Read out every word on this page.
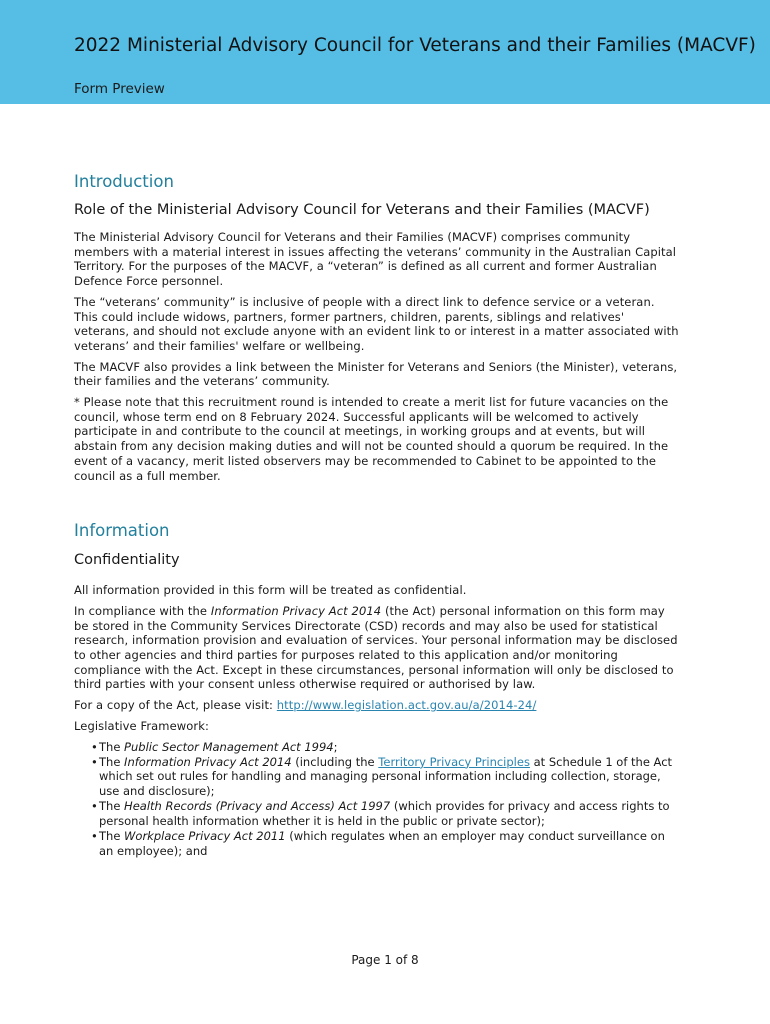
2022 Ministerial Advisory Council for Veterans and their Families (MACVF)
Form Preview
Introduction
Role of the Ministerial Advisory Council for Veterans and their Families (MACVF)

The Ministerial Advisory Council for Veterans and their Families (MACVF) comprises community members with a material interest in issues affecting the veterans’ community in the Australian Capital Territory. For the purposes of the MACVF, a “veteran” is defined as all current and former Australian Defence Force personnel.

The “veterans’ community” is inclusive of people with a direct link to defence service or a veteran. This could include widows, partners, former partners, children, parents, siblings and relatives' veterans, and should not exclude anyone with an evident link to or interest in a matter associated with veterans’ and their families' welfare or wellbeing.

The MACVF also provides a link between the Minister for Veterans and Seniors (the Minister), veterans, their families and the veterans’ community.

* Please note that this recruitment round is intended to create a merit list for future vacancies on the council, whose term end on 8 February 2024. Successful applicants will be welcomed to actively participate in and contribute to the council at meetings, in working groups and at events, but will abstain from any decision making duties and will not be counted should a quorum be required. In the event of a vacancy, merit listed observers may be recommended to Cabinet to be appointed to the council as a full member.

Information
Confidentiality

All information provided in this form will be treated as confidential.

In compliance with the Information Privacy Act 2014 (the Act) personal information on this form may be stored in the Community Services Directorate (CSD) records and may also be used for statistical research, information provision and evaluation of services. Your personal information may be disclosed to other agencies and third parties for purposes related to this application and/or monitoring compliance with the Act. Except in these circumstances, personal information will only be disclosed to third parties with your consent unless otherwise required or authorised by law.

For a copy of the Act, please visit: http://www.legislation.act.gov.au/a/2014-24/

Legislative Framework:

• The Public Sector Management Act 1994;
• The Information Privacy Act 2014 (including the Territory Privacy Principles at Schedule 1 of the Act which set out rules for handling and managing personal information including collection, storage, use and disclosure);
• The Health Records (Privacy and Access) Act 1997 (which provides for privacy and access rights to personal health information whether it is held in the public or private sector);
• The Workplace Privacy Act 2011 (which regulates when an employer may conduct surveillance on an employee); and
Page 1 of 8
